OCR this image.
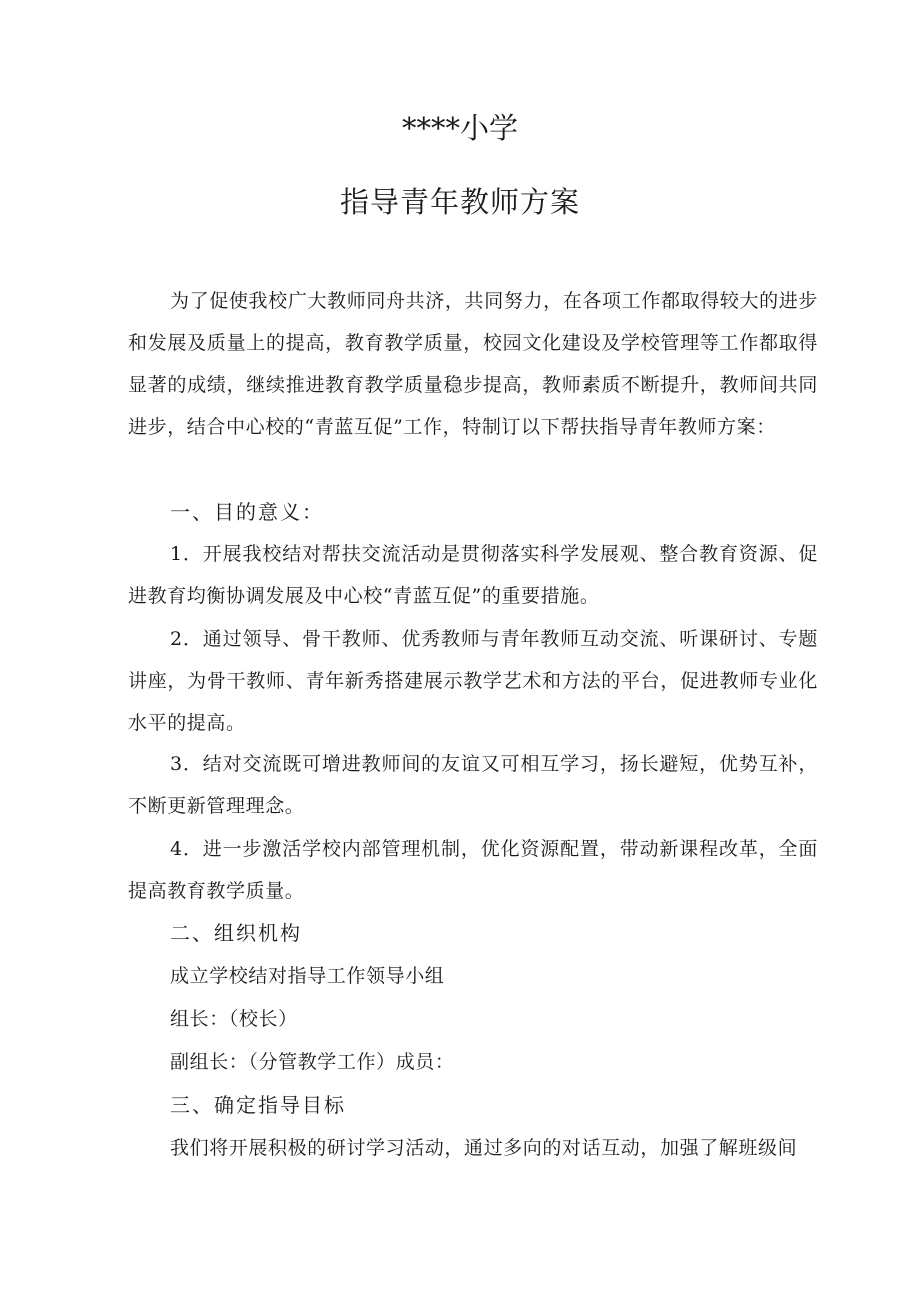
****小学
指导青年教师方案

为了促使我校广大教师同舟共济，共同努力，在各项工作都取得较大的进步和发展及质量上的提高，教育教学质量，校园文化建设及学校管理等工作都取得显著的成绩，继续推进教育教学质量稳步提高，教师素质不断提升，教师间共同进步，结合中心校的“青蓝互促”工作，特制订以下帮扶指导青年教师方案：

一、目的意义：

1．开展我校结对帮扶交流活动是贯彻落实科学发展观、整合教育资源、促进教育均衡协调发展及中心校“青蓝互促”的重要措施。

2．通过领导、骨干教师、优秀教师与青年教师互动交流、听课研讨、专题讲座，为骨干教师、青年新秀搭建展示教学艺术和方法的平台，促进教师专业化水平的提高。

3．结对交流既可增进教师间的友谊又可相互学习，扬长避短，优势互补，不断更新管理理念。

4．进一步激活学校内部管理机制，优化资源配置，带动新课程改革，全面提高教育教学质量。

二、组织机构

成立学校结对指导工作领导小组

组长：（校长）

副组长：（分管教学工作）成员：

三、确定指导目标

我们将开展积极的研讨学习活动，通过多向的对话互动，加强了解班级间
